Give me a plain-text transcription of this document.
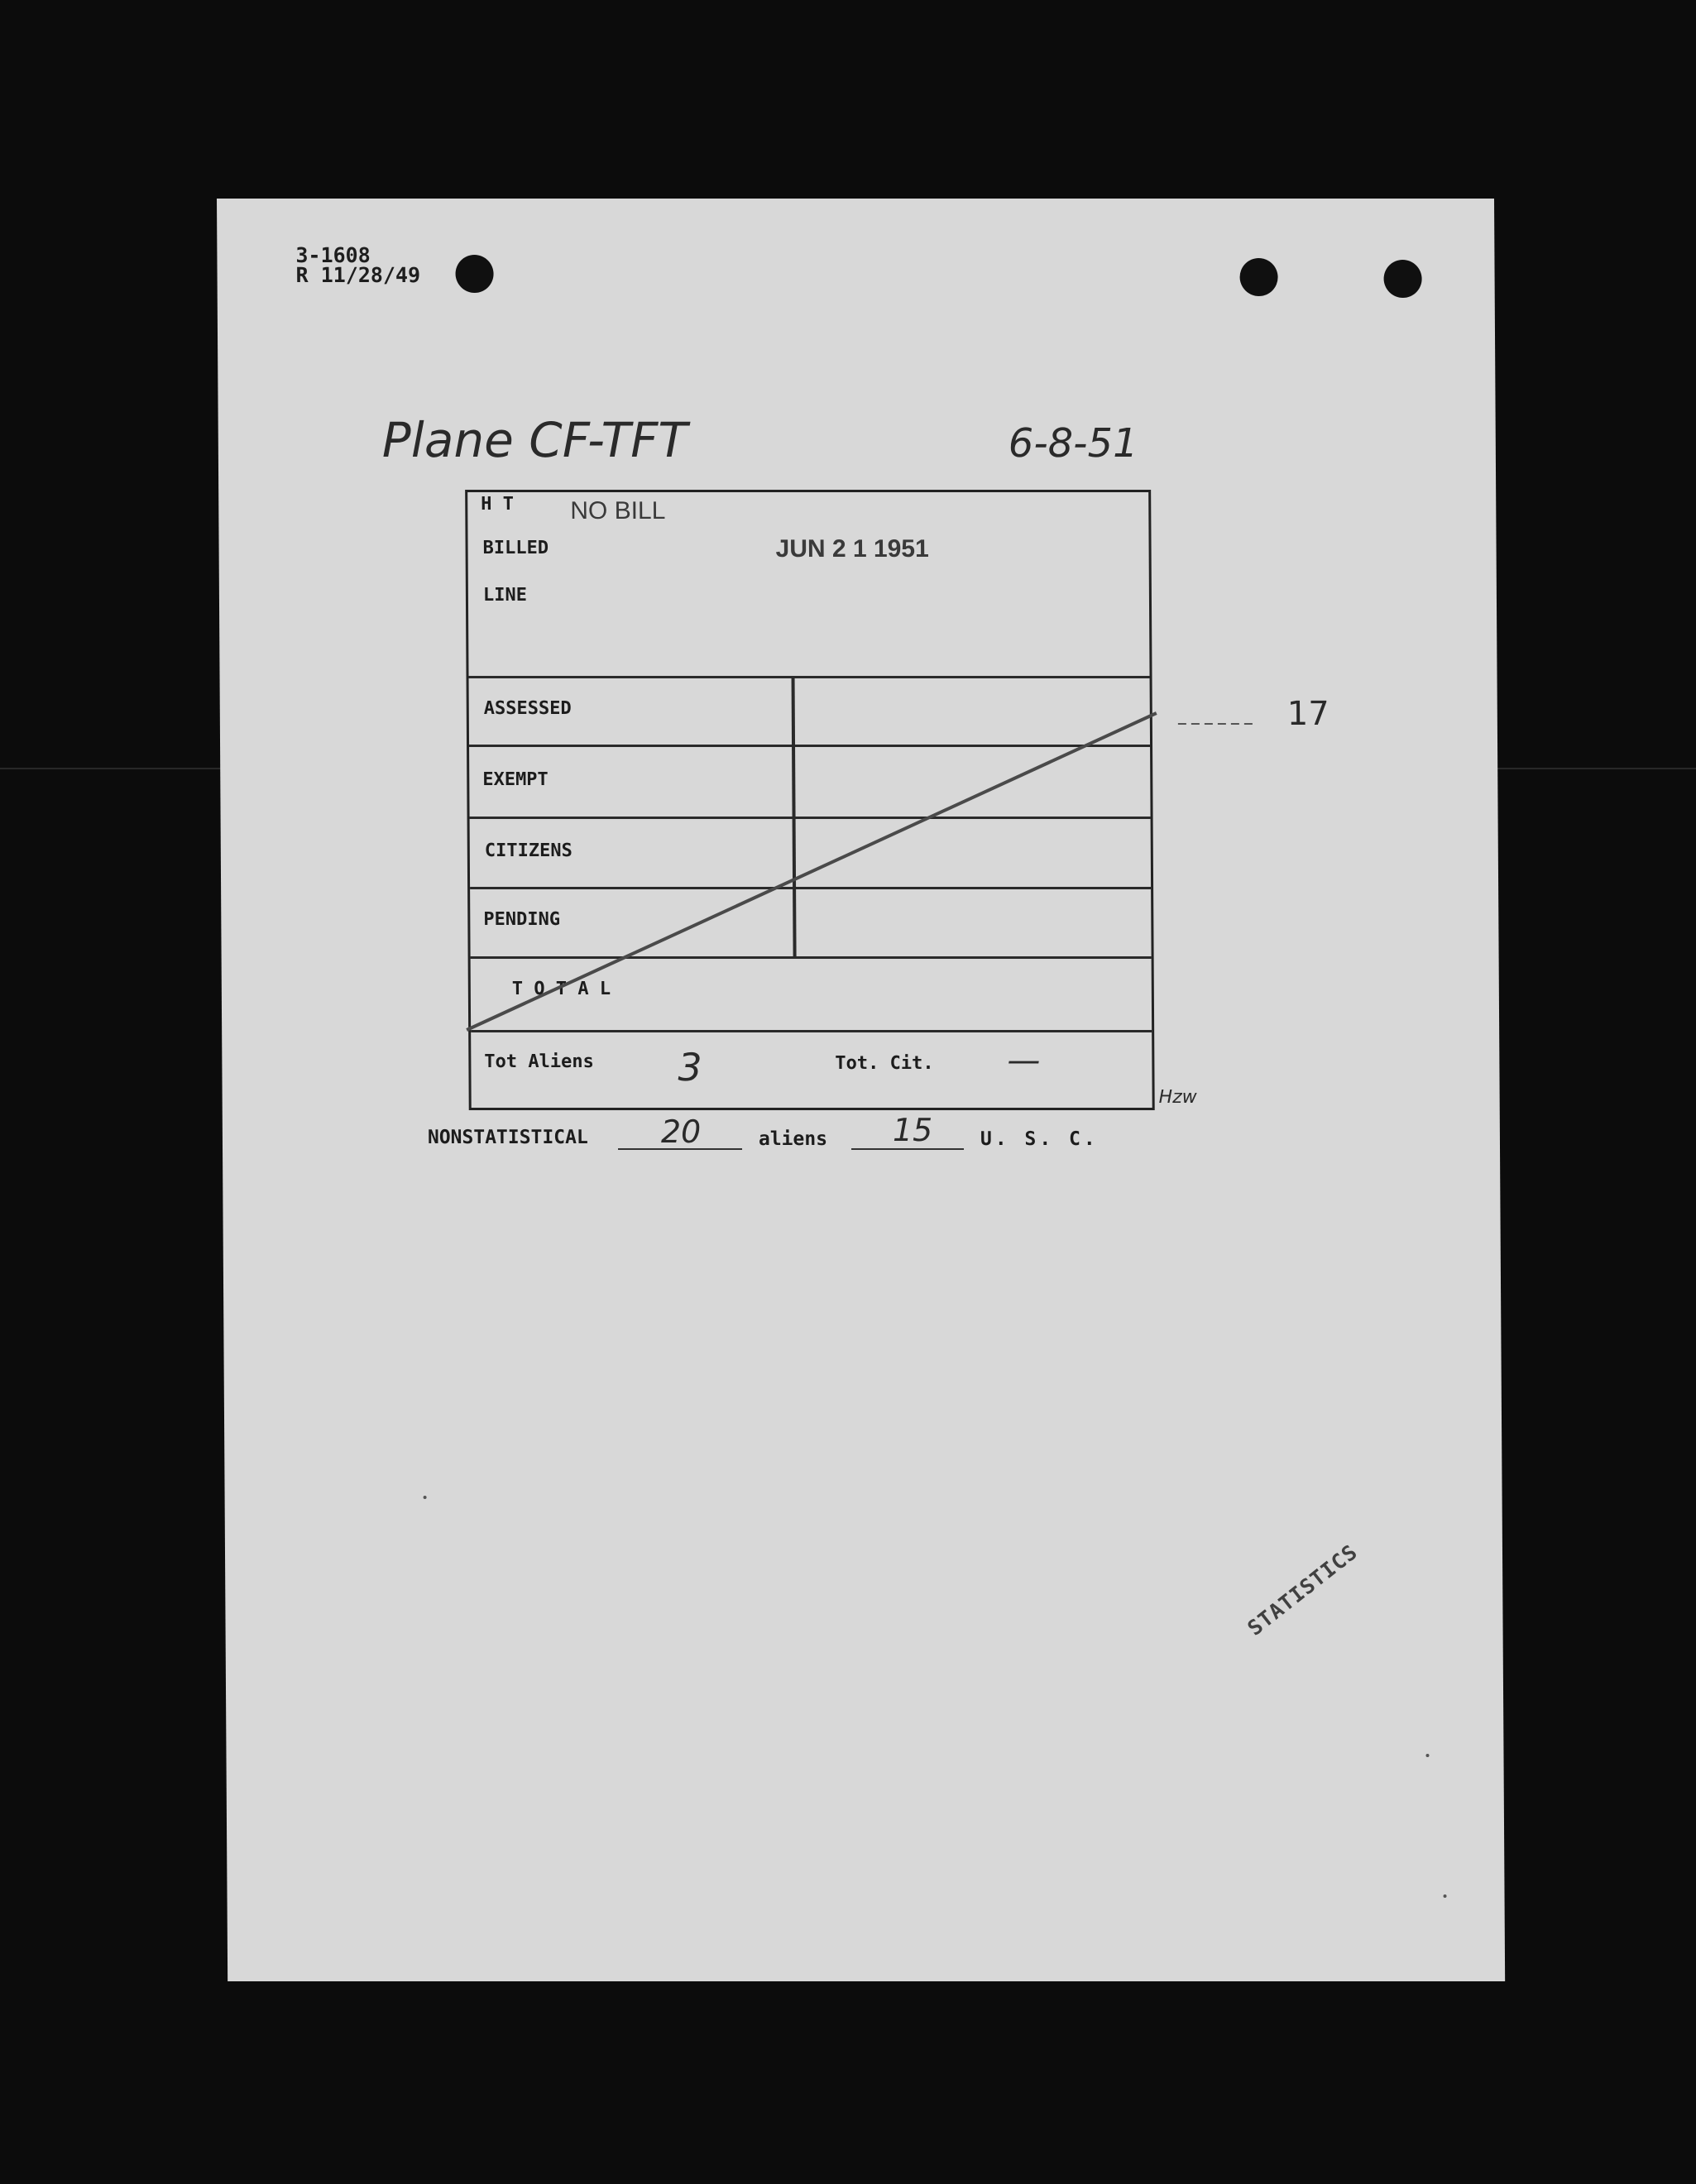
3-1608
R 11/28/49
Plane CF-TFT	6-8-51
H T NO BILL
BILLED	JUN 2 1 1951
LINE
ASSESSED
EXEMPT
CITIZENS
PENDING
T O T A L
Tot Aliens 3	Tot. Cit. —
17
Hzw
NONSTATISTICAL 20	aliens 15 U. S. C.
STATISTICS
